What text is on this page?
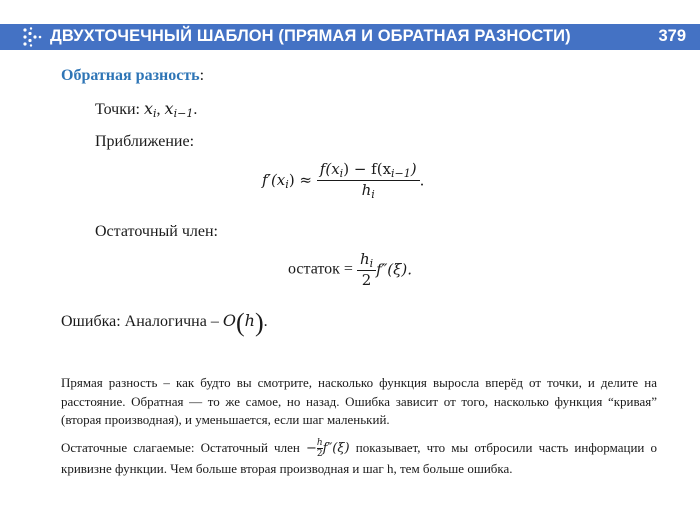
ДВУХТОЧЕЧНЫЙ ШАБЛОН (ПРЯМАЯ И ОБРАТНАЯ РАЗНОСТИ)	379
Обратная разность:
Точки: $x_i$, $x_{i-1}$.
Приближение:
$f'(x_i) \approx \frac{f(x_i) - f(x_{i-1})}{h_i}$ .
Остаточный член:
остаток = $\frac{h_i}{2} f''(\xi)$.
Ошибка: Аналогична – O(h).
Прямая разность – как будто вы смотрите, насколько функция выросла вперёд от точки, и делите на расстояние. Обратная — то же самое, но назад. Ошибка зависит от того, насколько функция “кривая” (вторая производная), и уменьшается, если шаг маленький.
Остаточные слагаемые: Остаточный член $-\frac{h}{2}f''(\xi)$ показывает, что мы отбросили часть информации о кривизне функции. Чем больше вторая производная и шаг h, тем больше ошибка.
